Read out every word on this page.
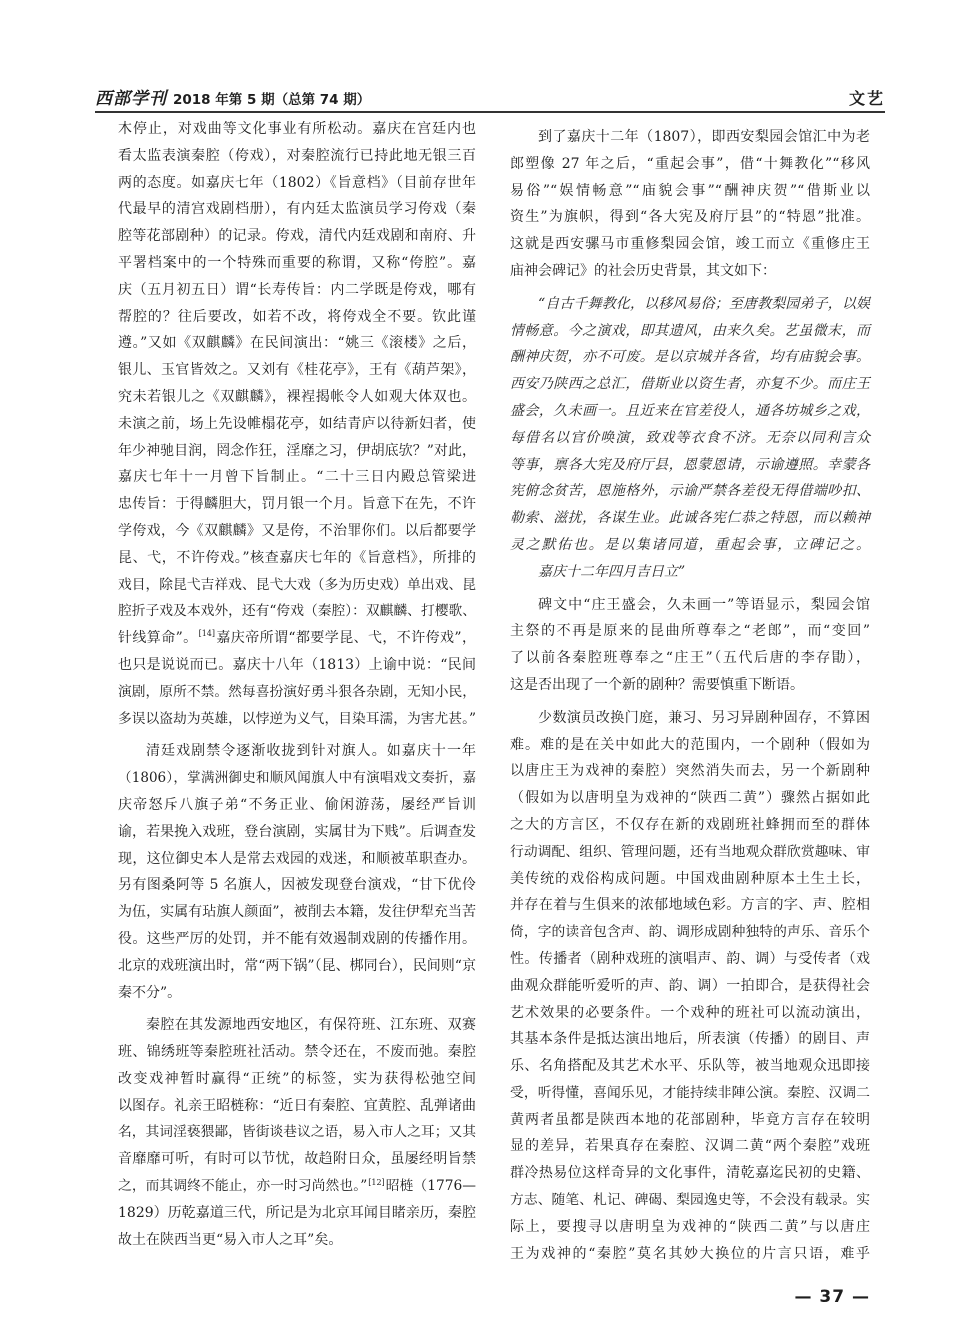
西部学刊 2018 年第 5 期（总第 74 期）	文艺
木停止，对戏曲等文化事业有所松动。嘉庆在宫廷内也
看太监表演秦腔（侉戏），对秦腔流行已持此地无银三百
两的态度。如嘉庆七年（1802）《旨意档》（目前存世年
代最早的清宫戏剧档册），有内廷太监演员学习侉戏（秦
腔等花部剧种）的记录。侉戏，清代内廷戏剧和南府、升
平署档案中的一个特殊而重要的称谓，又称“侉腔”。嘉
庆（五月初五日）谓“长寿传旨：内二学既是侉戏，哪有
帮腔的？往后要改，如若不改，将侉戏全不要。钦此谨
遵。”又如《双麒麟》在民间演出：“姚三《滚楼》之后，
银儿、玉官皆效之。又刘有《桂花亭》，王有《葫芦架》，
究未若银儿之《双麒麟》，裸裎揭帐令人如观大体双也。
未演之前，场上先设帷榻花亭，如结青庐以待新妇者，使
年少神驰目润，罔念作狂，淫靡之习，伊胡底欤？”对此，
嘉庆七年十一月曾下旨制止。“二十三日内殿总管梁进
忠传旨：于得麟胆大，罚月银一个月。旨意下在先，不许
学侉戏，今《双麒麟》又是侉，不治罪你们。以后都要学
昆、弋，不许侉戏。”核查嘉庆七年的《旨意档》，所排的
戏目，除昆弋吉祥戏、昆弋大戏（多为历史戏）单出戏、昆
腔折子戏及本戏外，还有“侉戏（秦腔）：双麒麟、打樱歌、
针线算命”。[14]嘉庆帝所谓“都要学昆、弋，不许侉戏”，
也只是说说而已。嘉庆十八年（1813）上谕中说：“民间
演剧，原所不禁。然每喜扮演好勇斗狠各杂剧，无知小民，
多误以盗劫为英雄，以悖逆为义气，目染耳濡，为害尤甚。”
清廷戏剧禁令逐渐收拢到针对旗人。如嘉庆十一年
（1806），掌满洲御史和顺风闻旗人中有演唱戏文奏折，嘉
庆帝怒斥八旗子弟“不务正业、偷闲游荡，屡经严旨训
谕，若果挽入戏班，登台演剧，实属甘为下贱”。后调查发
现，这位御史本人是常去戏园的戏迷，和顺被革职查办。
另有图桑阿等 5 名旗人，因被发现登台演戏，“甘下优伶
为伍，实属有玷旗人颜面”，被削去本籍，发往伊犁充当苦
役。这些严厉的处罚，并不能有效遏制戏剧的传播作用。
北京的戏班演出时，常“两下锅”（昆、梆同台），民间则“京
秦不分”。
秦腔在其发源地西安地区，有保符班、江东班、双赛
班、锦绣班等秦腔班社活动。禁令还在，不废而弛。秦腔
改变戏神暂时赢得“正统”的标签，实为获得松弛空间
以图存。礼亲王昭梿称：“近日有秦腔、宜黄腔、乱弹诸曲
名，其词淫亵猥鄙，皆街谈巷议之语，易入市人之耳；又其
音靡靡可听，有时可以节忧，故趋附日众，虽屡经明旨禁
之，而其调终不能止，亦一时习尚然也。”[12]昭梿（1776—
1829）历乾嘉道三代，所记是为北京耳闻目睹亲历，秦腔
故土在陕西当更“易入市人之耳”矣。
到了嘉庆十二年（1807），即西安梨园会馆汇中为老
郎塑像 27 年之后，“重起会事”，借“十舞教化”“移风
易俗”“娱情畅意”“庙貌会事”“酬神庆贺”“借斯业以
资生”为旗帜，得到“各大宪及府厅县”的“特恩”批准。
这就是西安骡马市重修梨园会馆，竣工而立《重修庄王
庙神会碑记》的社会历史背景，其文如下：
“自古千舞教化，以移风易俗；至唐教梨园弟子，以娱
情畅意。今之演戏，即其遗风，由来久矣。艺虽微末，而
酬神庆贺，亦不可废。是以京城并各省，均有庙貌会事。
西安乃陕西之总汇，借斯业以资生者，亦复不少。而庄王
盛会，久未画一。且近来在官差役人，通各坊城乡之戏，
每借名以官价唤演，致戏等衣食不济。无奈以同利言众
等事，禀各大宪及府厅县，恩蒙恩请，示谕遵照。幸蒙各
宪俯念贫苦，恩施格外，示谕严禁各差役无得借端吵扣、
勒索、滋扰，各谋生业。此诚各宪仁恭之特恩，而以赖神
灵之默佑也。是以集诸同道，重起会事，立碑记之。
嘉庆十二年四月吉日立”
碑文中“庄王盛会，久未画一”等语显示，梨园会馆
主祭的不再是原来的昆曲所尊奉之“老郎”，而“变回”
了以前各秦腔班尊奉之“庄王”（五代后唐的李存勖），
这是否出现了一个新的剧种？需要慎重下断语。
少数演员改换门庭，兼习、另习异剧种固存，不算困
难。难的是在关中如此大的范围内，一个剧种（假如为
以唐庄王为戏神的秦腔）突然消失而去，另一个新剧种
（假如为以唐明皇为戏神的“陕西二黄”）骤然占据如此
之大的方言区，不仅存在新的戏剧班社蜂拥而至的群体
行动调配、组织、管理问题，还有当地观众群欣赏趣味、审
美传统的戏俗构成问题。中国戏曲剧种原本土生土长，
并存在着与生俱来的浓郁地域色彩。方言的字、声、腔相
倚，字的读音包含声、韵、调形成剧种独特的声乐、音乐个
性。传播者（剧种戏班的演唱声、韵、调）与受传者（戏
曲观众群能听爱听的声、韵、调）一拍即合，是获得社会
艺术效果的必要条件。一个戏种的班社可以流动演出，
其基本条件是抵达演出地后，所表演（传播）的剧目、声
乐、名角搭配及其艺术水平、乐队等，被当地观众迅即接
受，听得懂，喜闻乐见，才能持续非陣公演。秦腔、汉调二
黄两者虽都是陕西本地的花部剧种，毕竟方言存在较明
显的差异，若果真存在秦腔、汉调二黄“两个秦腔”戏班
群冷热易位这样奇异的文化事件，清乾嘉迄民初的史籍、
方志、随笔、札记、碑碣、梨园逸史等，不会没有载录。实
际上，要搜寻以唐明皇为戏神的“陕西二黄”与以唐庄
王为戏神的“秦腔”莫名其妙大换位的片言只语，难乎
— 37 —
